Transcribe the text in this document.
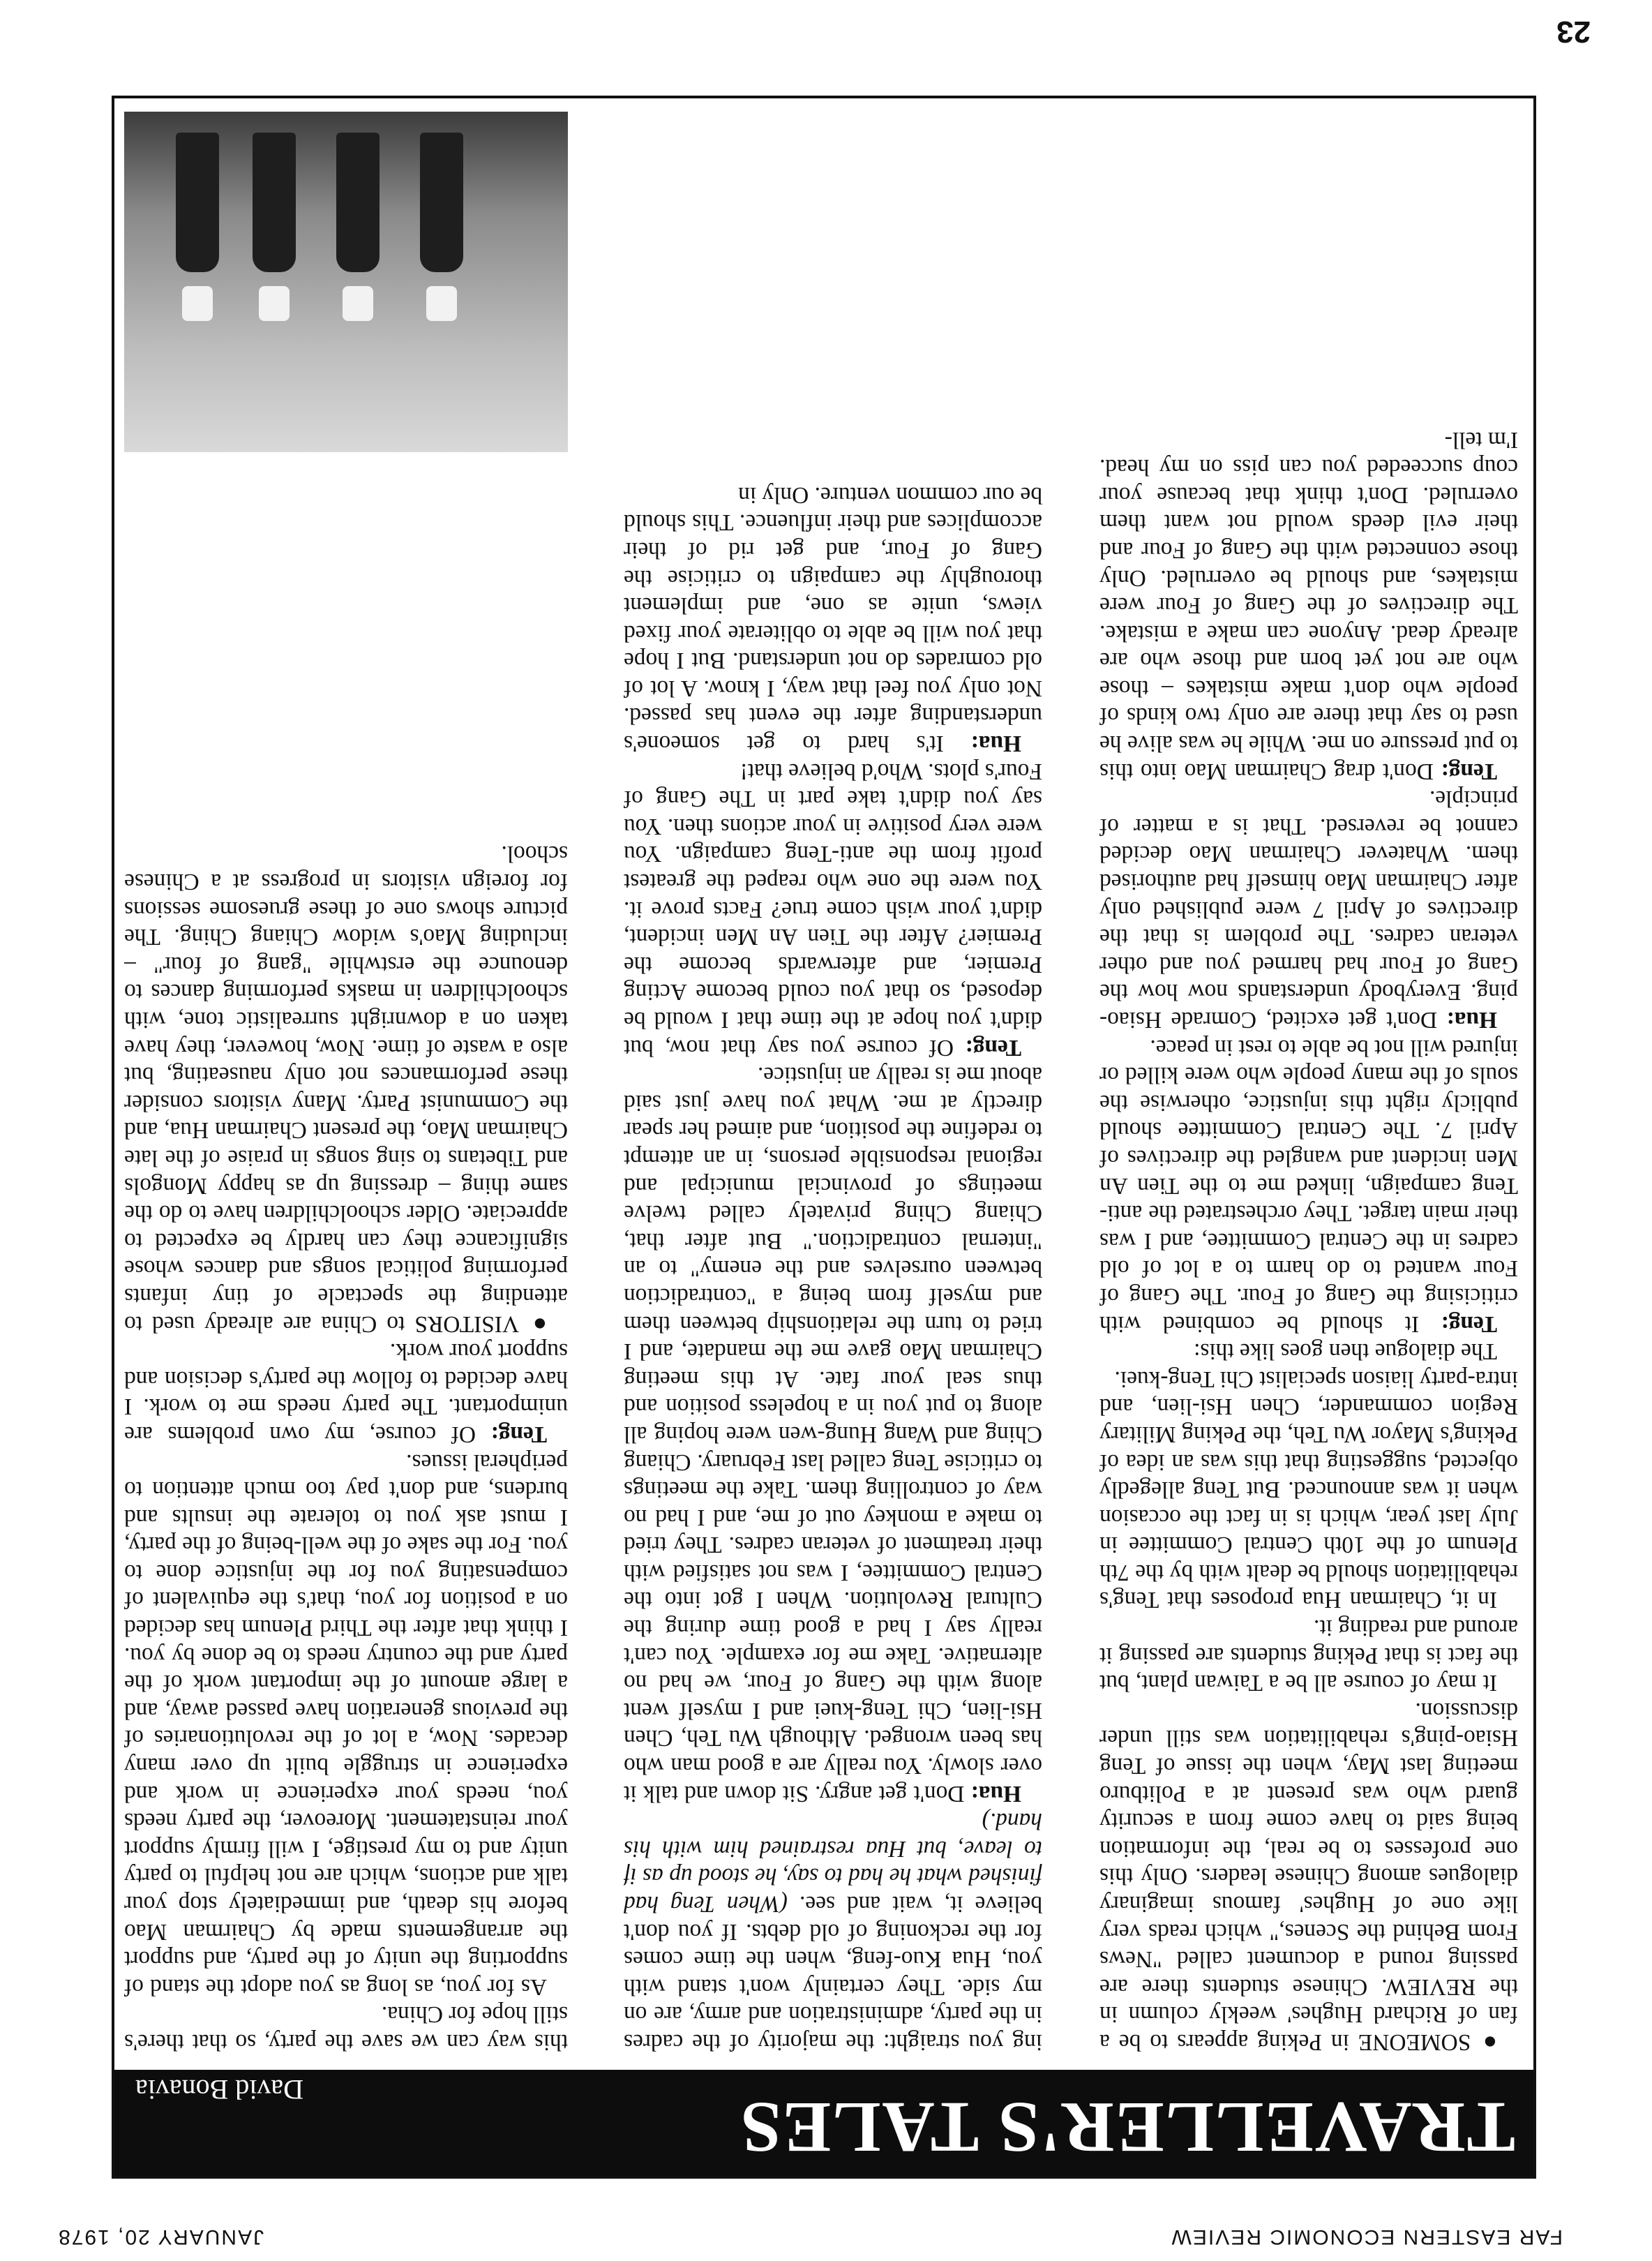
FAR EASTERN ECONOMIC REVIEW
JANUARY 20, 1978
TRAVELLER'S TALES
David Bonavia

● SOMEONE in Peking appears to be a fan of Richard Hughes' weekly column in the REVIEW. Chinese students there are passing round a document called "News From Behind the Scenes," which reads very like one of Hughes' famous imaginary dialogues among Chinese leaders. Only this one professes to be real, the information being said to have come from a security guard who was present at a Politburo meeting last May, when the issue of Teng Hsiao-ping's rehabilitation was still under discussion.

It may of course all be a Taiwan plant, but the fact is that Peking students are passing it around and reading it.

In it, Chairman Hua proposes that Teng's rehabilitation should be dealt with by the 7th Plenum of the 10th Central Committee in July last year, which is in fact the occasion when it was announced. But Teng allegedly objected, suggesting that this was an idea of Peking's Mayor Wu Teh, the Peking Military Region commander, Chen Hsi-lien, and intra-party liaison specialist Chi Teng-kuei.

The dialogue then goes like this:

Teng: It should be combined with criticising the Gang of Four. The Gang of Four wanted to do harm to a lot of old cadres in the Central Committee, and I was their main target. They orchestrated the anti-Teng campaign, linked me to the Tien An Men incident and wangled the directives of April 7. The Central Committee should publicly right this injustice, otherwise the souls of the many people who were killed or injured will not be able to rest in peace.

Hua: Don't get excited, Comrade Hsiao-ping. Everybody understands now how the Gang of Four had harmed you and other veteran cadres. The problem is that the directives of April 7 were published only after Chairman Mao himself had authorised them. Whatever Chairman Mao decided cannot be reversed. That is a matter of principle.

Teng: Don't drag Chairman Mao into this to put pressure on me. While he was alive he used to say that there are only two kinds of people who don't make mistakes – those who are not yet born and those who are already dead. Anyone can make a mistake. The directives of the Gang of Four were mistakes, and should be overruled. Only those connected with the Gang of Four and their evil deeds would not want them overruled. Don't think that because your coup succeeded you can piss on my head. I'm tell-

ing you straight: the majority of the cadres in the party, administration and army, are on my side. They certainly won't stand with you, Hua Kuo-feng, when the time comes for the reckoning of old debts. If you don't believe it, wait and see. (When Teng had finished what he had to say, he stood up as if to leave, but Hua restrained him with his hand.)

Hua: Don't get angry. Sit down and talk it over slowly. You really are a good man who has been wronged. Although Wu Teh, Chen Hsi-lien, Chi Teng-kuei and I myself went along with the Gang of Four, we had no alternative. Take me for example. You can't really say I had a good time during the Cultural Revolution. When I got into the Central Committee, I was not satisfied with their treatment of veteran cadres. They tried to make a monkey out of me, and I had no way of controlling them. Take the meetings to criticise Teng called last February. Chiang Ching and Wang Hung-wen were hoping all along to put you in a hopeless position and thus seal your fate. At this meeting Chairman Mao gave me the mandate, and I tried to turn the relationship between them and myself from being a "contradiction between ourselves and the enemy" to an "internal contradiction." But after that, Chiang Ching privately called twelve meetings of provincial municipal and regional responsible persons, in an attempt to redefine the position, and aimed her spear directly at me. What you have just said about me is really an injustice.

Teng: Of course you say that now, but didn't you hope at the time that I would be deposed, so that you could become Acting Premier, and afterwards become the Premier? After the Tien An Men incident, didn't your wish come true? Facts prove it. You were the one who reaped the greatest profit from the anti-Teng campaign. You were very positive in your actions then. You say you didn't take part in The Gang of Four's plots. Who'd believe that!

Hua: It's hard to get someone's understanding after the event has passed. Not only you feel that way, I know. A lot of old comrades do not understand. But I hope that you will be able to obliterate your fixed views, unite as one, and implement thoroughly the campaign to criticise the Gang of Four, and get rid of their accomplices and their influence. This should be our common venture. Only in

this way can we save the party, so that there's still hope for China.

As for you, as long as you adopt the stand of supporting the unity of the party, and support the arrangements made by Chairman Mao before his death, and immediately stop your talk and actions, which are not helpful to party unity and to my prestige, I will firmly support your reinstatement. Moreover, the party needs you, needs your experience in work and experience in struggle built up over many decades. Now, a lot of the revolutionaries of the previous generation have passed away, and a large amount of the important work of the party and the country needs to be done by you. I think that after the Third Plenum has decided on a position for you, that's the equivalent of compensating you for the injustice done to you. For the sake of the well-being of the party, I must ask you to tolerate the insults and burdens, and don't pay too much attention to peripheral issues.

Teng: Of course, my own problems are unimportant. The party needs me to work. I have decided to follow the party's decision and support your work.

● VISITORS to China are already used to attending the spectacle of tiny infants performing political songs and dances whose significance they can hardly be expected to appreciate. Older schoolchildren have to do the same thing – dressing up as happy Mongols and Tibetans to sing songs in praise of the late Chairman Mao, the present Chairman Hua, and the Communist Party. Many visitors consider these performances not only nauseating, but also a waste of time. Now, however, they have taken on a downright surrealistic tone, with schoolchildren in masks performing dances to denounce the erstwhile "gang of four" – including Mao's widow Chiang Ching. The picture shows one of these gruesome sessions for foreign visitors in progress at a Chinese school.

23
